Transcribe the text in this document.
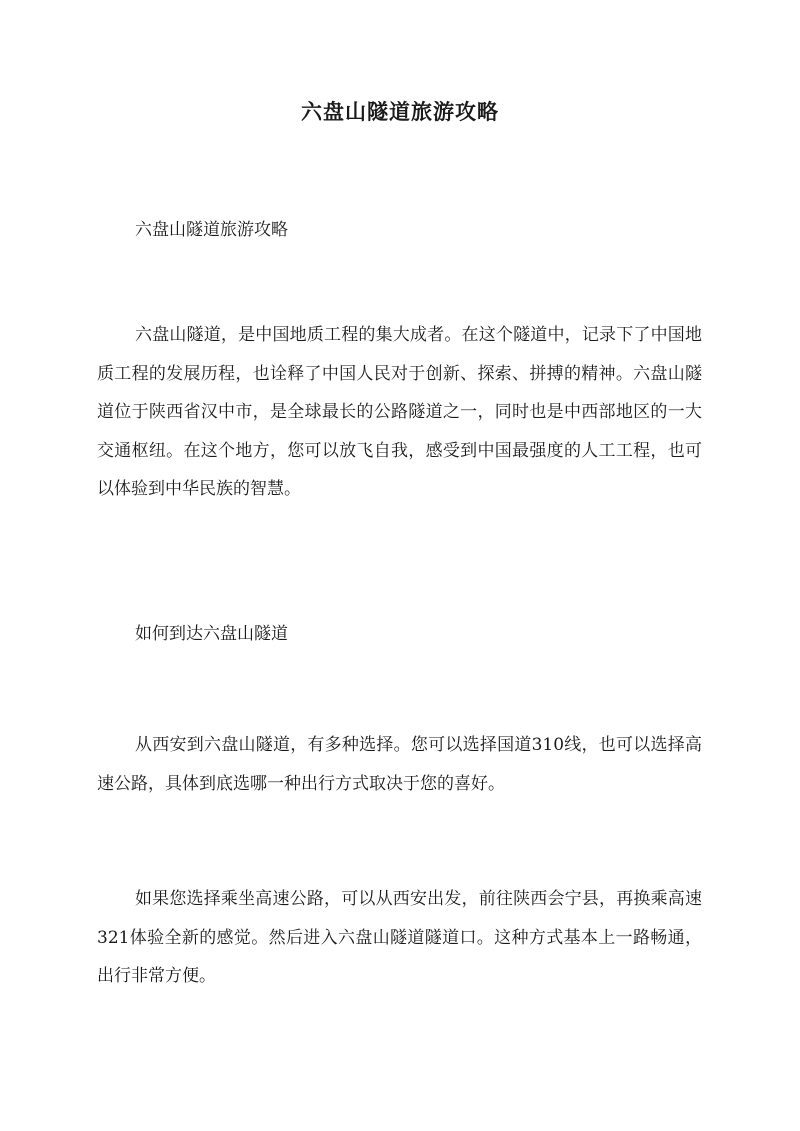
六盘山隧道旅游攻略

六盘山隧道旅游攻略

六盘山隧道，是中国地质工程的集大成者。在这个隧道中，记录下了中国地质工程的发展历程，也诠释了中国人民对于创新、探索、拼搏的精神。六盘山隧道位于陕西省汉中市，是全球最长的公路隧道之一，同时也是中西部地区的一大交通枢纽。在这个地方，您可以放飞自我，感受到中国最强度的人工工程，也可以体验到中华民族的智慧。

如何到达六盘山隧道

从西安到六盘山隧道，有多种选择。您可以选择国道310线，也可以选择高速公路，具体到底选哪一种出行方式取决于您的喜好。

如果您选择乘坐高速公路，可以从西安出发，前往陕西会宁县，再换乘高速321体验全新的感觉。然后进入六盘山隧道隧道口。这种方式基本上一路畅通，出行非常方便。
